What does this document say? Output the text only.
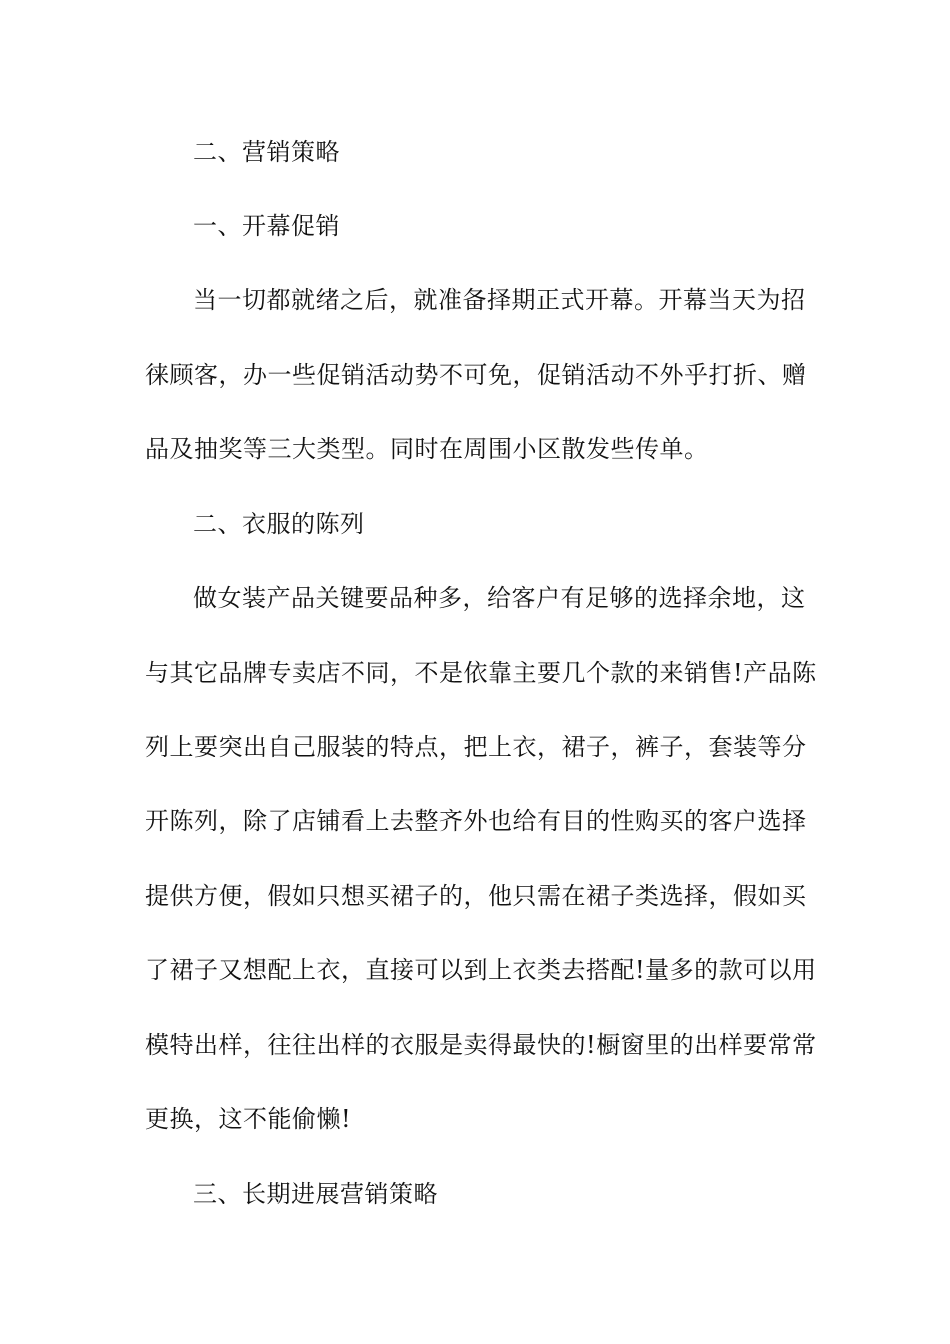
二、营销策略
一、开幕促销
当一切都就绪之后，就准备择期正式开幕。开幕当天为招
徕顾客，办一些促销活动势不可免，促销活动不外乎打折、赠
品及抽奖等三大类型。同时在周围小区散发些传单。
二、衣服的陈列
做女装产品关键要品种多，给客户有足够的选择余地，这
与其它品牌专卖店不同，不是依靠主要几个款的来销售!产品陈
列上要突出自己服装的特点，把上衣，裙子，裤子，套装等分
开陈列，除了店铺看上去整齐外也给有目的性购买的客户选择
提供方便，假如只想买裙子的，他只需在裙子类选择，假如买
了裙子又想配上衣，直接可以到上衣类去搭配!量多的款可以用
模特出样，往往出样的衣服是卖得最快的!橱窗里的出样要常常
更换，这不能偷懒!
三、长期进展营销策略
